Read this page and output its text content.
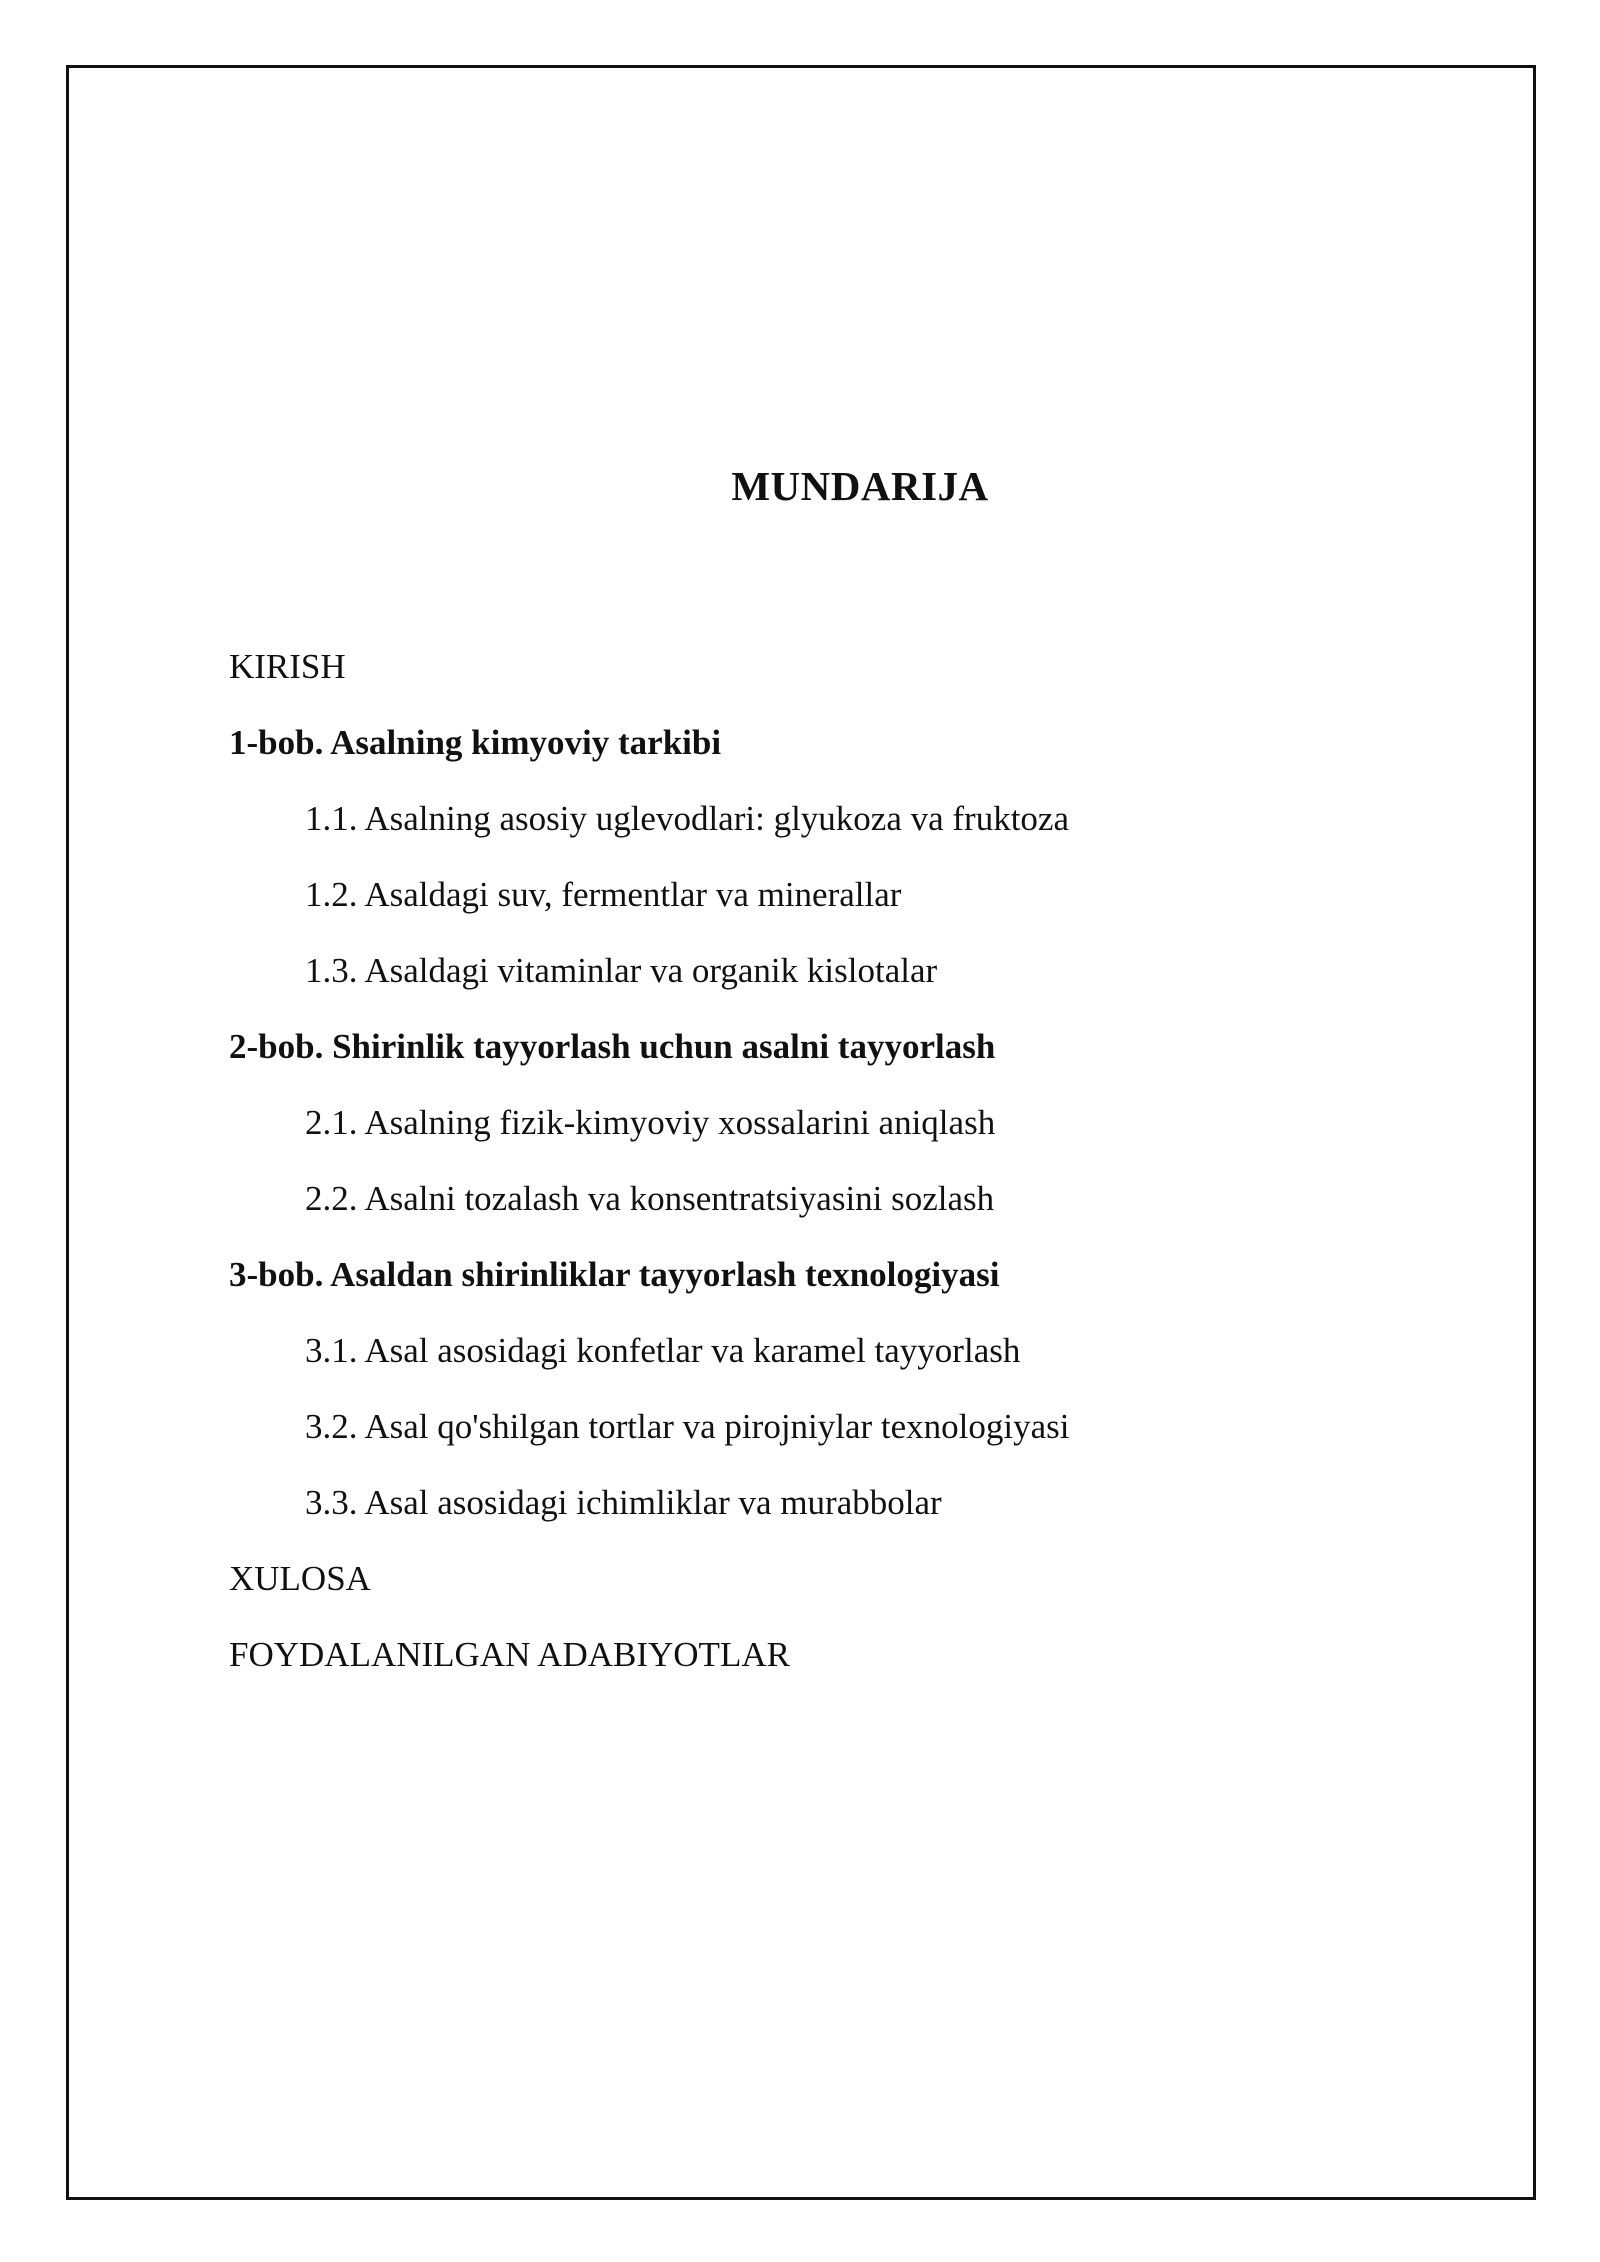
MUNDARIJA
KIRISH
1-bob. Asalning kimyoviy tarkibi
1.1. Asalning asosiy uglevodlari: glyukoza va fruktoza
1.2. Asaldagi suv, fermentlar va minerallar
1.3. Asaldagi vitaminlar va organik kislotalar
2-bob. Shirinlik tayyorlash uchun asalni tayyorlash
2.1. Asalning fizik-kimyoviy xossalarini aniqlash
2.2. Asalni tozalash va konsentratsiyasini sozlash
3-bob. Asaldan shirinliklar tayyorlash texnologiyasi
3.1. Asal asosidagi konfetlar va karamel tayyorlash
3.2. Asal qo'shilgan tortlar va pirojniylar texnologiyasi
3.3. Asal asosidagi ichimliklar va murabbolar
XULOSA
FOYDALANILGAN ADABIYOTLAR
